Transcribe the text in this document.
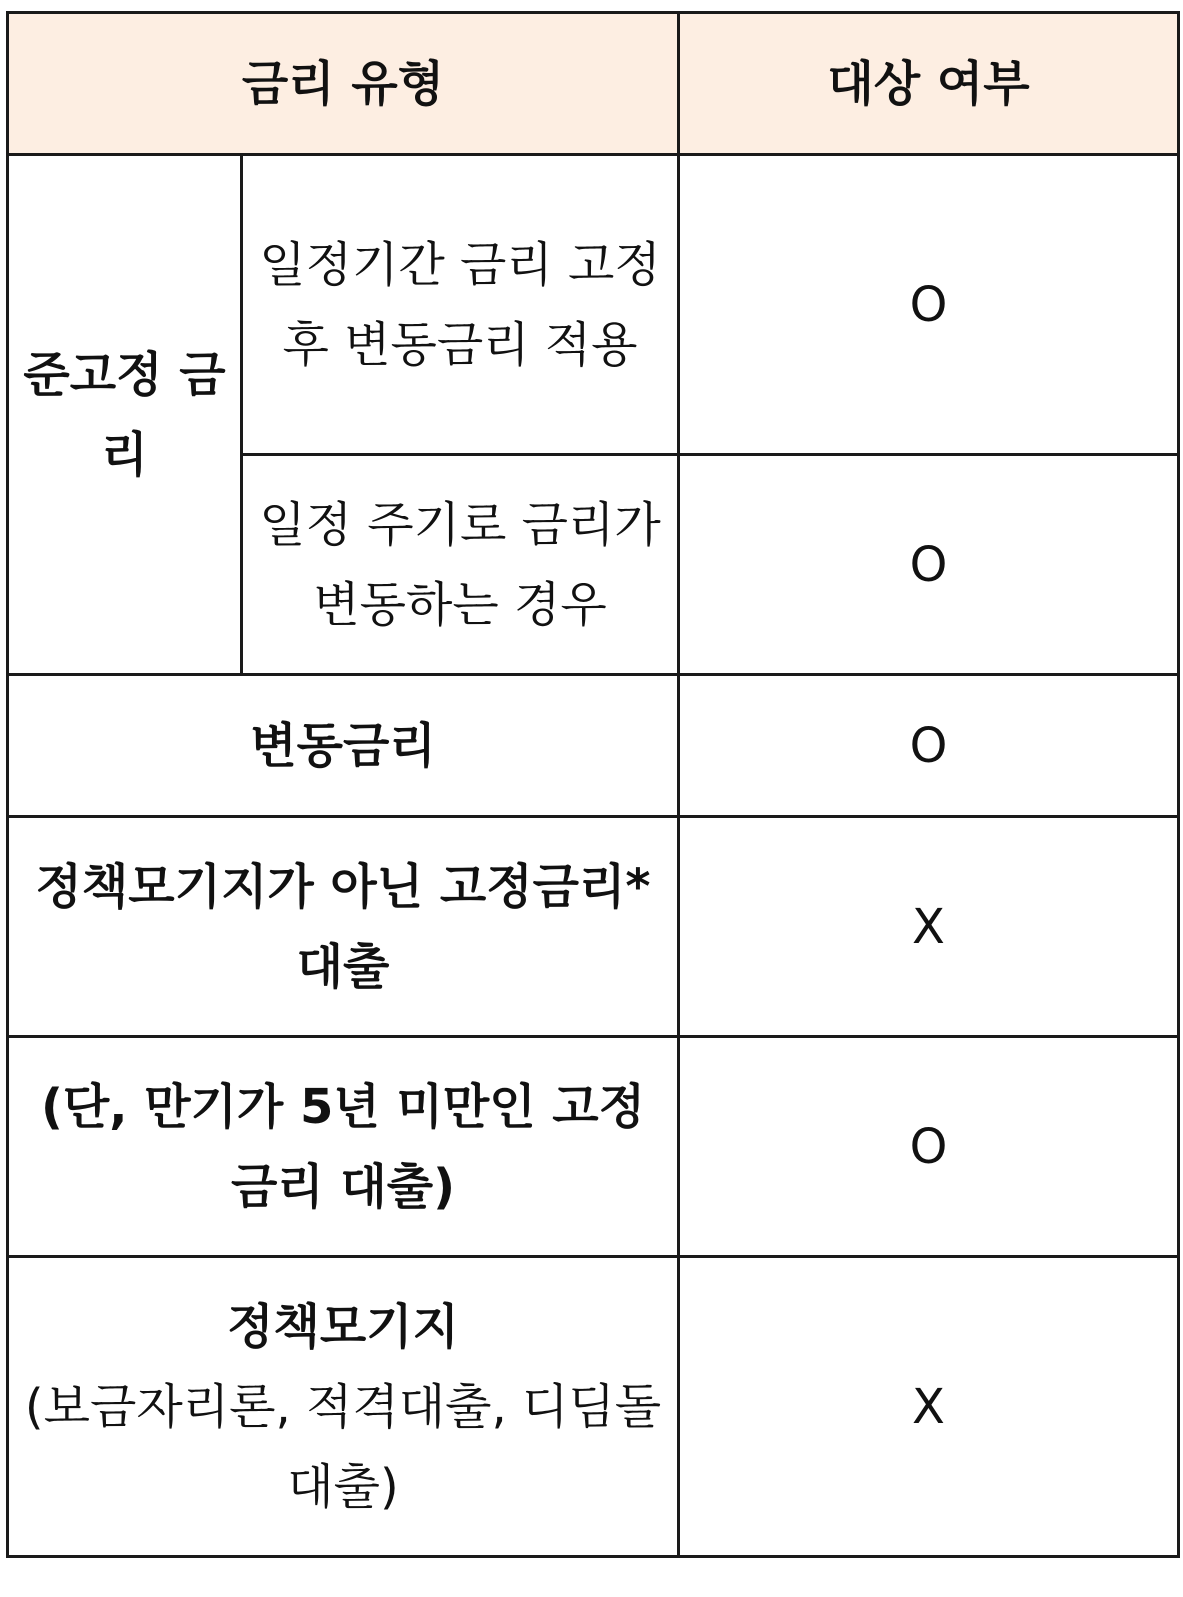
금리 유형		대상 여부
준고정 금리	일정기간 금리 고정 후 변동금리 적용	O
	일정 주기로 금리가 변동하는 경우	O
변동금리		O
정책모기지가 아닌 고정금리* 대출		X
(단, 만기가 5년 미만인 고정금리 대출)		O

정책모기지
(보금자리론, 적격대출, 디딤돌대출)		X
